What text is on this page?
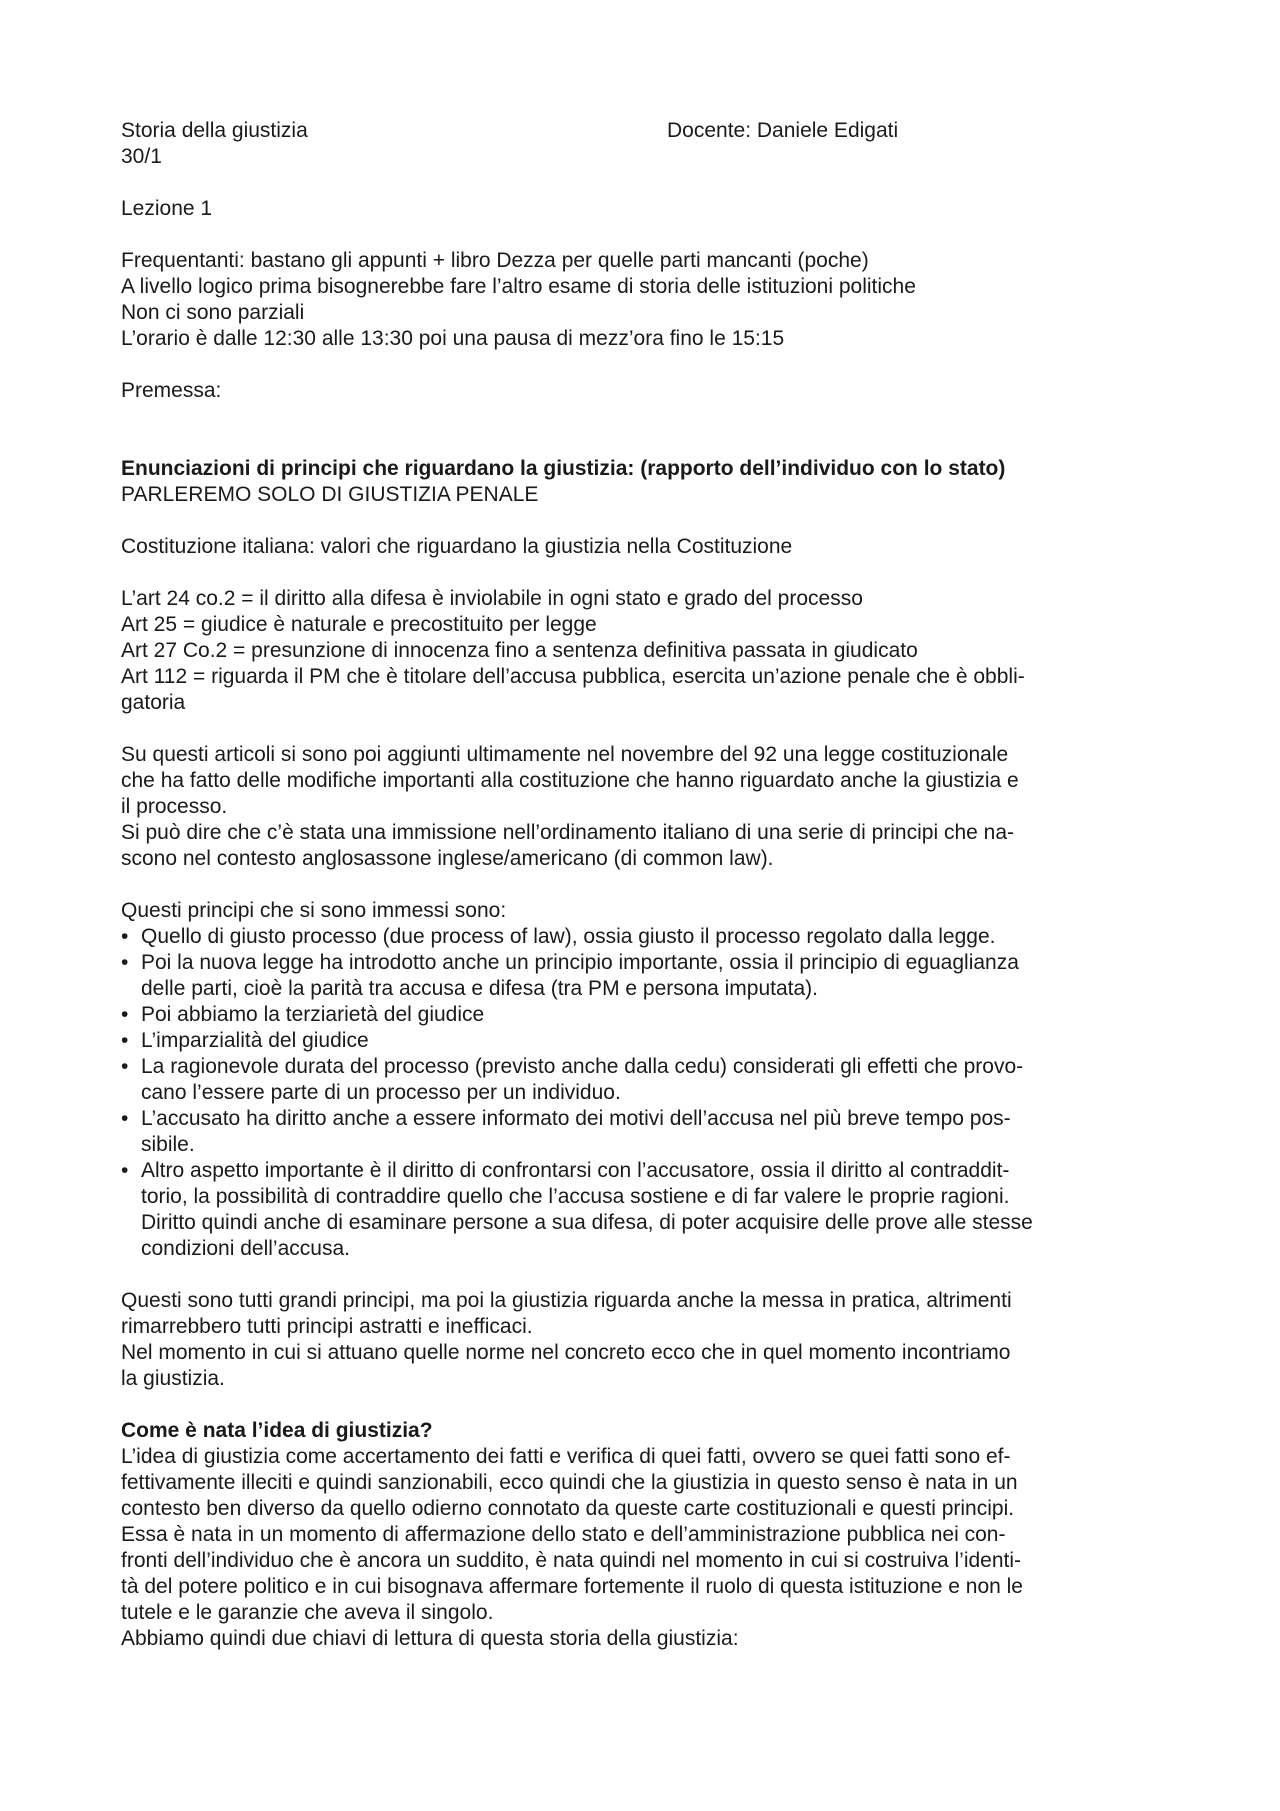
Storia della giustizia	Docente: Daniele Edigati
30/1
Lezione 1
Frequentanti: bastano gli appunti + libro Dezza per quelle parti mancanti (poche)
A livello logico prima bisognerebbe fare l’altro esame di storia delle istituzioni politiche
Non ci sono parziali
L’orario è dalle 12:30 alle 13:30 poi una pausa di mezz’ora fino le 15:15
Premessa:
Enunciazioni di principi che riguardano la giustizia: (rapporto dell’individuo con lo stato)
PARLEREMO SOLO DI GIUSTIZIA PENALE
Costituzione italiana: valori che riguardano la giustizia nella Costituzione
L’art 24 co.2 = il diritto alla difesa è inviolabile in ogni stato e grado del processo
Art 25 = giudice è naturale e precostituito per legge
Art 27 Co.2 = presunzione di innocenza fino a sentenza definitiva passata in giudicato
Art 112 = riguarda il PM che è titolare dell’accusa pubblica, esercita un’azione penale che è obbli-
gatoria
Su questi articoli si sono poi aggiunti ultimamente nel novembre del 92 una legge costituzionale
che ha fatto delle modifiche importanti alla costituzione che hanno riguardato anche la giustizia e
il processo.
Si può dire che c’è stata una immissione nell’ordinamento italiano di una serie di principi che na-
scono nel contesto anglosassone inglese/americano (di common law).
Questi principi che si sono immessi sono:
• Quello di giusto processo (due process of law), ossia giusto il processo regolato dalla legge.
• Poi la nuova legge ha introdotto anche un principio importante, ossia il principio di eguaglianza
delle parti, cioè la parità tra accusa e difesa (tra PM e persona imputata).
• Poi abbiamo la terziarietà del giudice
• L’imparzialità del giudice
• La ragionevole durata del processo (previsto anche dalla cedu) considerati gli effetti che provo-
cano l’essere parte di un processo per un individuo.
• L’accusato ha diritto anche a essere informato dei motivi dell’accusa nel più breve tempo pos-
sibile.
• Altro aspetto importante è il diritto di confrontarsi con l’accusatore, ossia il diritto al contraddit-
torio, la possibilità di contraddire quello che l’accusa sostiene e di far valere le proprie ragioni.
Diritto quindi anche di esaminare persone a sua difesa, di poter acquisire delle prove alle stesse
condizioni dell’accusa.
Questi sono tutti grandi principi, ma poi la giustizia riguarda anche la messa in pratica, altrimenti
rimarrebbero tutti principi astratti e inefficaci.
Nel momento in cui si attuano quelle norme nel concreto ecco che in quel momento incontriamo
la giustizia.
Come è nata l’idea di giustizia?
L’idea di giustizia come accertamento dei fatti e verifica di quei fatti, ovvero se quei fatti sono ef-
fettivamente illeciti e quindi sanzionabili, ecco quindi che la giustizia in questo senso è nata in un
contesto ben diverso da quello odierno connotato da queste carte costituzionali e questi principi.
Essa è nata in un momento di affermazione dello stato e dell’amministrazione pubblica nei con-
fronti dell’individuo che è ancora un suddito, è nata quindi nel momento in cui si costruiva l’identi-
tà del potere politico e in cui bisognava affermare fortemente il ruolo di questa istituzione e non le
tutele e le garanzie che aveva il singolo.
Abbiamo quindi due chiavi di lettura di questa storia della giustizia:
